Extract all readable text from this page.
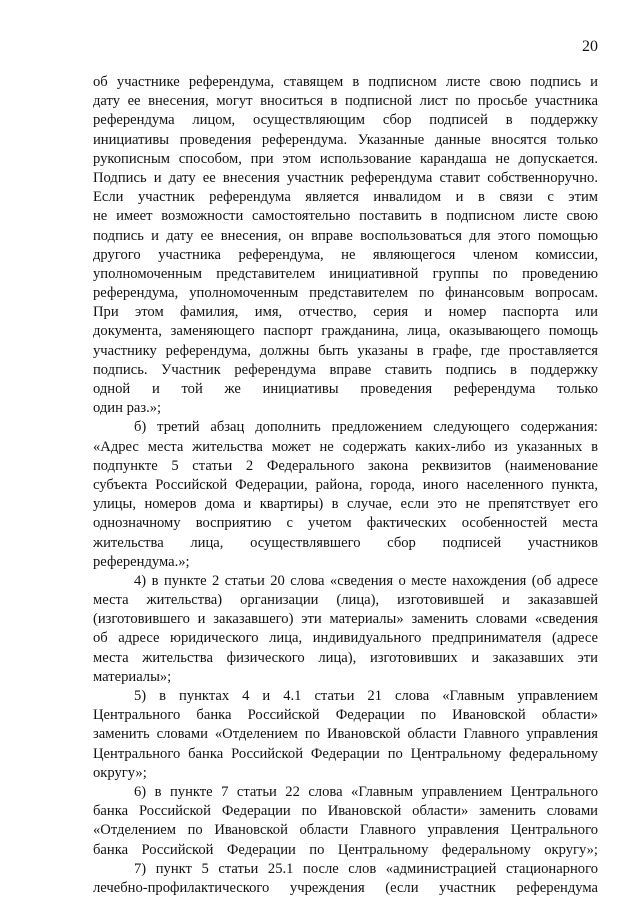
20
об участнике референдума, ставящем в подписном листе свою подпись и
дату ее внесения, могут вноситься в подписной лист по просьбе участника
референдума лицом, осуществляющим сбор подписей в поддержку
инициативы проведения референдума. Указанные данные вносятся только
рукописным способом, при этом использование карандаша не допускается.
Подпись и дату ее внесения участник референдума ставит собственноручно.
Если участник референдума является инвалидом и в связи с этим
не имеет возможности самостоятельно поставить в подписном листе свою
подпись и дату ее внесения, он вправе воспользоваться для этого помощью
другого участника референдума, не являющегося членом комиссии,
уполномоченным представителем инициативной группы по проведению
референдума, уполномоченным представителем по финансовым вопросам.
При этом фамилия, имя, отчество, серия и номер паспорта или
документа, заменяющего паспорт гражданина, лица, оказывающего помощь
участнику референдума, должны быть указаны в графе, где проставляется
подпись. Участник референдума вправе ставить подпись в поддержку
одной и той же инициативы проведения референдума только
один раз.»;
б) третий абзац дополнить предложением следующего содержания:
«Адрес места жительства может не содержать каких-либо из указанных в
подпункте 5 статьи 2 Федерального закона реквизитов (наименование
субъекта Российской Федерации, района, города, иного населенного пункта,
улицы, номеров дома и квартиры) в случае, если это не препятствует его
однозначному восприятию с учетом фактических особенностей места
жительства лица, осуществлявшего сбор подписей участников
референдума.»;
4) в пункте 2 статьи 20 слова «сведения о месте нахождения (об адресе
места жительства) организации (лица), изготовившей и заказавшей
(изготовившего и заказавшего) эти материалы» заменить словами «сведения
об адресе юридического лица, индивидуального предпринимателя (адресе
места жительства физического лица), изготовивших и заказавших эти
материалы»;
5) в пунктах 4 и 4.1 статьи 21 слова «Главным управлением
Центрального банка Российской Федерации по Ивановской области»
заменить словами «Отделением по Ивановской области Главного управления
Центрального банка Российской Федерации по Центральному федеральному
округу»;
6) в пункте 7 статьи 22 слова «Главным управлением Центрального
банка Российской Федерации по Ивановской области» заменить словами
«Отделением по Ивановской области Главного управления Центрального
банка Российской Федерации по Центральному федеральному округу»;
7) пункт 5 статьи 25.1 после слов «администрацией стационарного
лечебно-профилактического учреждения (если участник референдума
